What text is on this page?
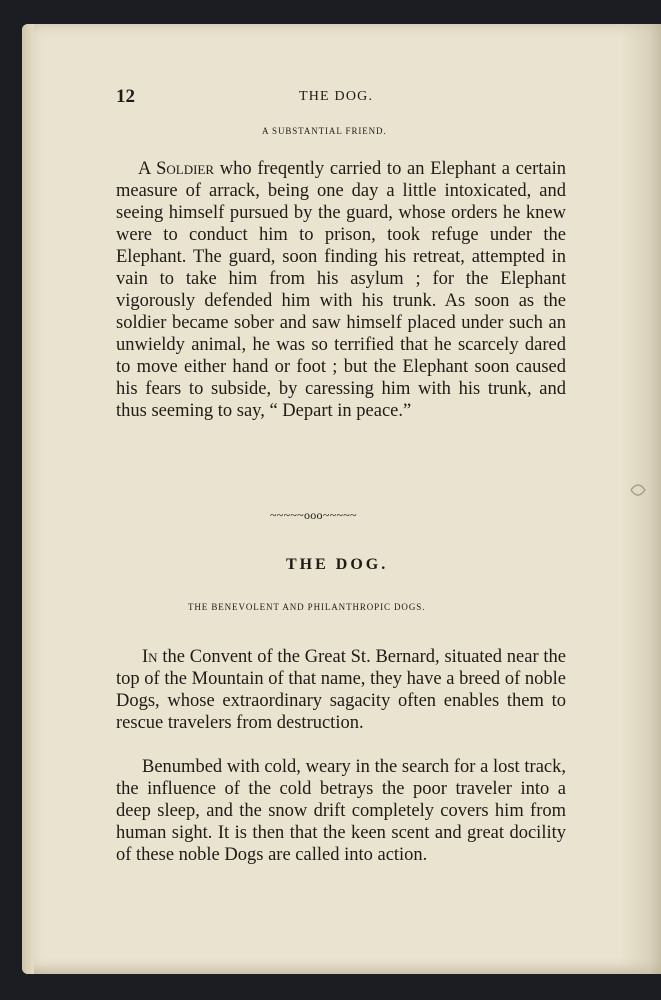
12	THE DOG.
A SUBSTANTIAL FRIEND.
A Soldier who freqently carried to an Elephant a certain measure of arrack, being one day a little intoxicated, and seeing himself pursued by the guard, whose orders he knew were to conduct him to prison, took refuge under the Elephant. The guard, soon finding his retreat, attempted in vain to take him from his asylum ; for the Elephant vigorously defended him with his trunk. As soon as the soldier became sober and saw himself placed under such an unwieldy animal, he was so terrified that he scarcely dared to move either hand or foot ; but the Elephant soon caused his fears to subside, by caressing him with his trunk, and thus seeming to say, “ Depart in peace.”
~~~~~ooo~~~~~
THE DOG.
THE BENEVOLENT AND PHILANTHROPIC DOGS.
In the Convent of the Great St. Bernard, situated near the top of the Mountain of that name, they have a breed of noble Dogs, whose extraordinary sagacity often enables them to rescue travelers from destruction.
Benumbed with cold, weary in the search for a lost track, the influence of the cold betrays the poor traveler into a deep sleep, and the snow drift completely covers him from human sight. It is then that the keen scent and great docility of these noble Dogs are called into action.
